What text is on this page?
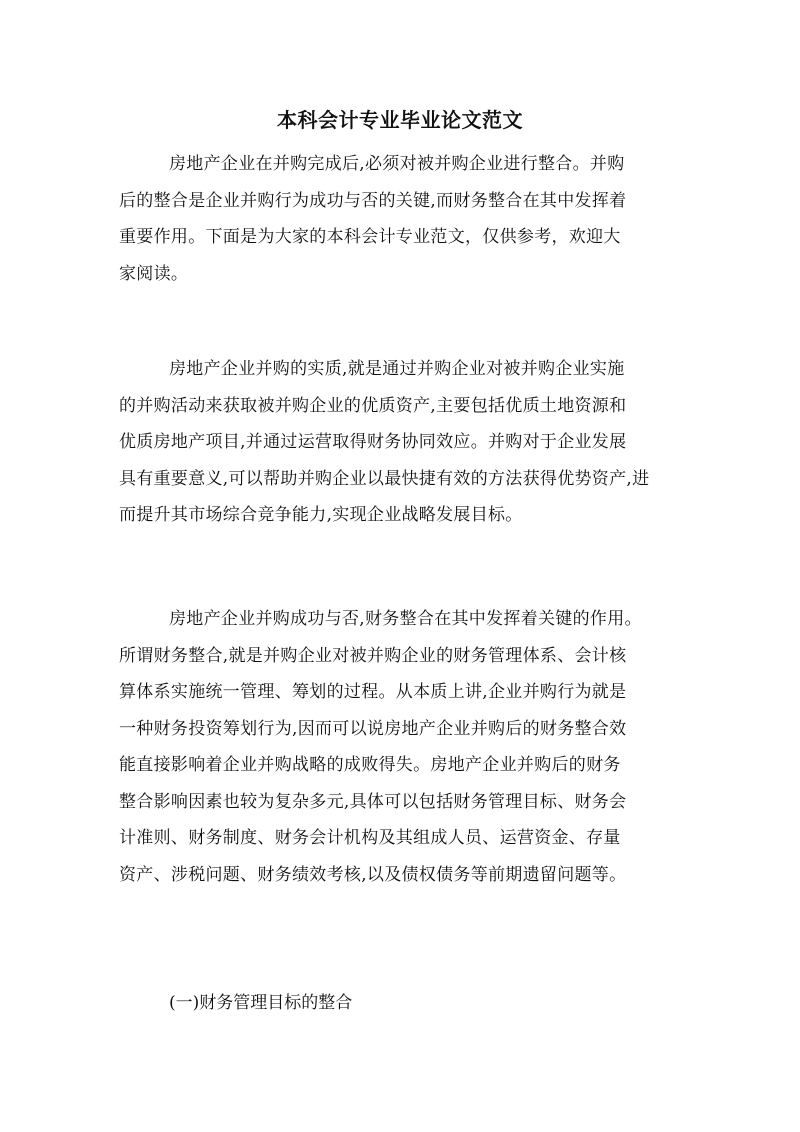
本科会计专业毕业论文范文
房地产企业在并购完成后,必须对被并购企业进行整合。并购
后的整合是企业并购行为成功与否的关键,而财务整合在其中发挥着
重要作用。下面是为大家的本科会计专业范文，仅供参考，欢迎大
家阅读。
房地产企业并购的实质,就是通过并购企业对被并购企业实施
的并购活动来获取被并购企业的优质资产,主要包括优质土地资源和
优质房地产项目,并通过运营取得财务协同效应。并购对于企业发展
具有重要意义,可以帮助并购企业以最快捷有效的方法获得优势资产,进
而提升其市场综合竞争能力,实现企业战略发展目标。
房地产企业并购成功与否,财务整合在其中发挥着关键的作用。
所谓财务整合,就是并购企业对被并购企业的财务管理体系、会计核
算体系实施统一管理、筹划的过程。从本质上讲,企业并购行为就是
一种财务投资筹划行为,因而可以说房地产企业并购后的财务整合效
能直接影响着企业并购战略的成败得失。房地产企业并购后的财务
整合影响因素也较为复杂多元,具体可以包括财务管理目标、财务会
计准则、财务制度、财务会计机构及其组成人员、运营资金、存量
资产、涉税问题、财务绩效考核,以及债权债务等前期遗留问题等。
(一)财务管理目标的整合
